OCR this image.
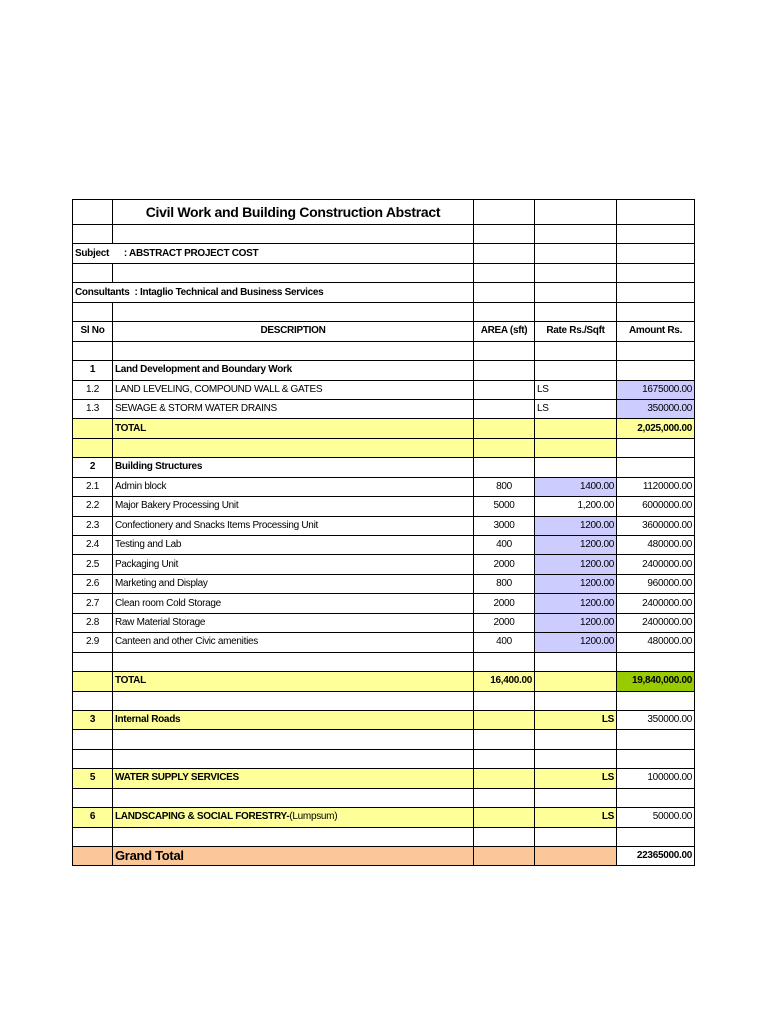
	Civil Work and Building Construction Abstract			

Subject : ABSTRACT PROJECT COST				

Consultants : Intaglio Technical and Business Services				

Sl No	DESCRIPTION	AREA (sft)	Rate Rs./Sqft	Amount Rs.

1	Land Development and Boundary Work			
1.2	LAND LEVELING, COMPOUND WALL & GATES		LS	1675000.00
1.3	SEWAGE & STORM WATER DRAINS		LS	350000.00
	TOTAL			2,025,000.00

2	Building Structures			
2.1	Admin block	800	1400.00	1120000.00
2.2	Major Bakery Processing Unit	5000	1,200.00	6000000.00
2.3	Confectionery and Snacks Items Processing Unit	3000	1200.00	3600000.00
2.4	Testing and Lab	400	1200.00	480000.00
2.5	Packaging Unit	2000	1200.00	2400000.00
2.6	Marketing and Display	800	1200.00	960000.00
2.7	Clean room Cold Storage	2000	1200.00	2400000.00
2.8	Raw Material Storage	2000	1200.00	2400000.00
2.9	Canteen and other Civic amenities	400	1200.00	480000.00

	TOTAL	16,400.00		19,840,000.00

3	Internal Roads		LS	350000.00

5	WATER SUPPLY SERVICES		LS	100000.00

6	LANDSCAPING & SOCIAL FORESTRY-(Lumpsum)		LS	50000.00

	Grand Total			22365000.00
